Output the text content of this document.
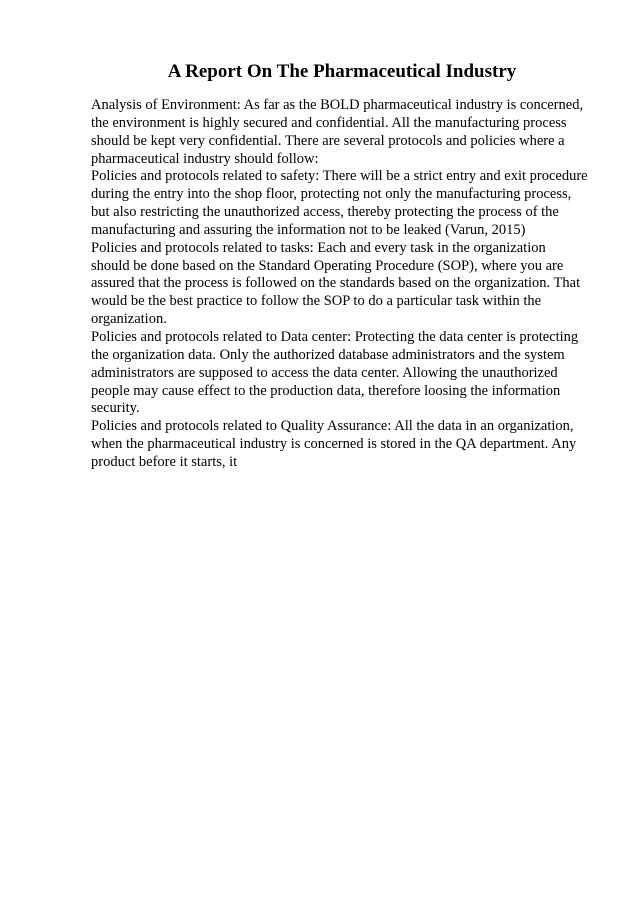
A Report On The Pharmaceutical Industry

Analysis of Environment: As far as the BOLD pharmaceutical industry is concerned,

the environment is highly secured and confidential. All the manufacturing process

should be kept very confidential. There are several protocols and policies where a

pharmaceutical industry should follow:

Policies and protocols related to safety: There will be a strict entry and exit procedure

during the entry into the shop floor, protecting not only the manufacturing process,

but also restricting the unauthorized access, thereby protecting the process of the

manufacturing and assuring the information not to be leaked (Varun, 2015)

Policies and protocols related to tasks: Each and every task in the organization

should be done based on the Standard Operating Procedure (SOP), where you are

assured that the process is followed on the standards based on the organization. That

would be the best practice to follow the SOP to do a particular task within the

organization.

Policies and protocols related to Data center: Protecting the data center is protecting

the organization data. Only the authorized database administrators and the system

administrators are supposed to access the data center. Allowing the unauthorized

people may cause effect to the production data, therefore loosing the information

security.

Policies and protocols related to Quality Assurance: All the data in an organization,

when the pharmaceutical industry is concerned is stored in the QA department. Any

product before it starts, it
